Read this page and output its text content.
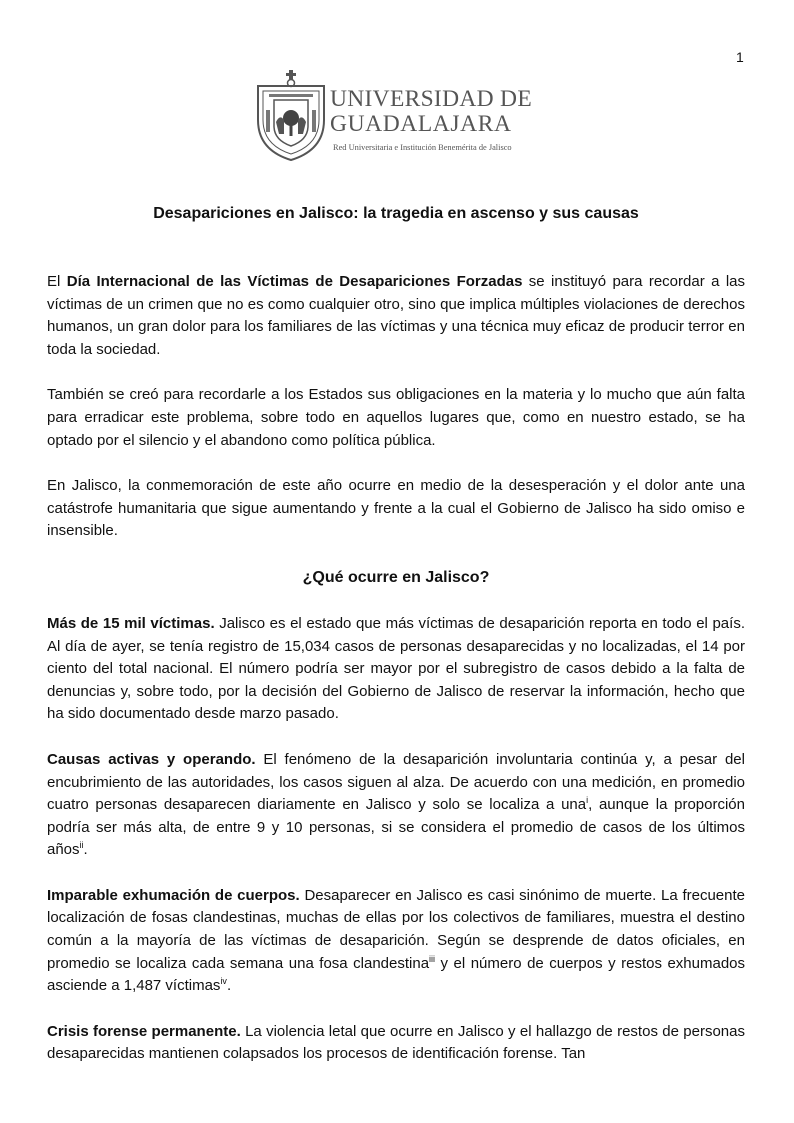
1
UNIVERSIDAD DE
GUADALAJARA
Red Universitaria e Institución Benemérita de Jalisco
Desapariciones en Jalisco: la tragedia en ascenso y sus causas

El Día Internacional de las Víctimas de Desapariciones Forzadas se instituyó para recordar a las víctimas de un crimen que no es como cualquier otro, sino que implica múltiples violaciones de derechos humanos, un gran dolor para los familiares de las víctimas y una técnica muy eficaz de producir terror en toda la sociedad.

También se creó para recordarle a los Estados sus obligaciones en la materia y lo mucho que aún falta para erradicar este problema, sobre todo en aquellos lugares que, como en nuestro estado, se ha optado por el silencio y el abandono como política pública.

En Jalisco, la conmemoración de este año ocurre en medio de la desesperación y el dolor ante una catástrofe humanitaria que sigue aumentando y frente a la cual el Gobierno de Jalisco ha sido omiso e insensible.

¿Qué ocurre en Jalisco?

Más de 15 mil víctimas. Jalisco es el estado que más víctimas de desaparición reporta en todo el país. Al día de ayer, se tenía registro de 15,034 casos de personas desaparecidas y no localizadas, el 14 por ciento del total nacional. El número podría ser mayor por el subregistro de casos debido a la falta de denuncias y, sobre todo, por la decisión del Gobierno de Jalisco de reservar la información, hecho que ha sido documentado desde marzo pasado.

Causas activas y operando. El fenómeno de la desaparición involuntaria continúa y, a pesar del encubrimiento de las autoridades, los casos siguen al alza. De acuerdo con una medición, en promedio cuatro personas desaparecen diariamente en Jalisco y solo se localiza a una$^i$, aunque la proporción podría ser más alta, de entre 9 y 10 personas, si se considera el promedio de casos de los últimos años$^{ii}$.

Imparable exhumación de cuerpos. Desaparecer en Jalisco es casi sinónimo de muerte. La frecuente localización de fosas clandestinas, muchas de ellas por los colectivos de familiares, muestra el destino común a la mayoría de las víctimas de desaparición. Según se desprende de datos oficiales, en promedio se localiza cada semana una fosa clandestina$^{iii}$ y el número de cuerpos y restos exhumados asciende a 1,487 víctimas$^{iv}$.

Crisis forense permanente. La violencia letal que ocurre en Jalisco y el hallazgo de restos de personas desaparecidas mantienen colapsados los procesos de identificación forense. Tan
